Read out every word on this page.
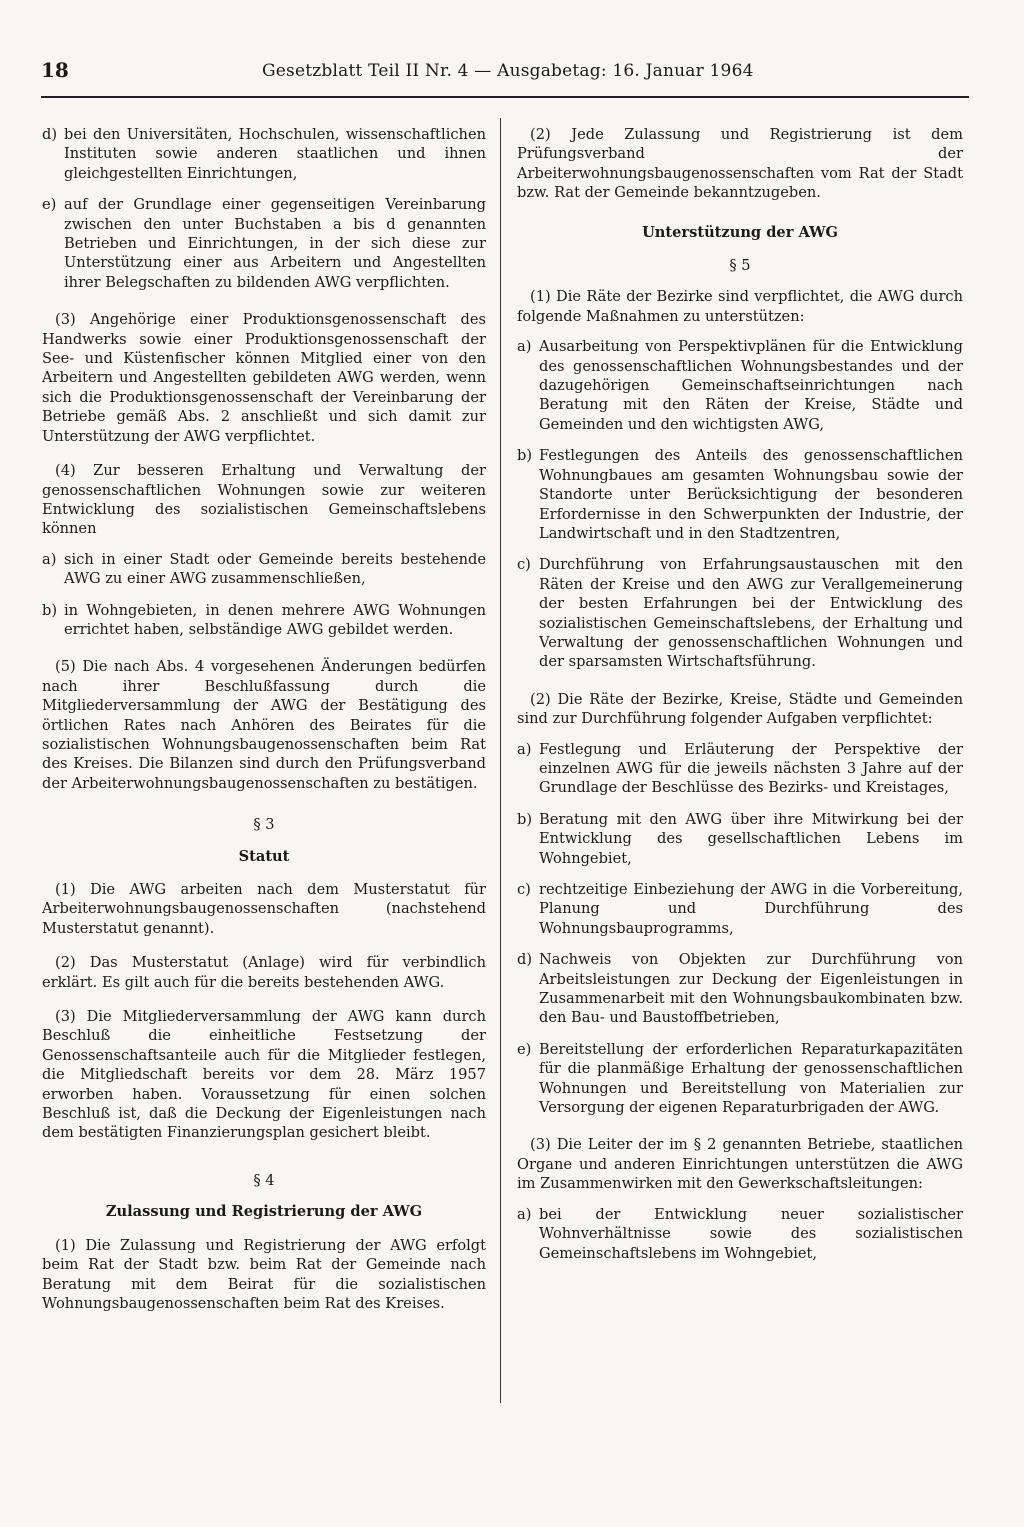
18	Gesetzblatt Teil II Nr. 4 — Ausgabetag: 16. Januar 1964
d) bei den Universitäten, Hochschulen, wissenschaftlichen Instituten sowie anderen staatlichen und ihnen gleichgestellten Einrichtungen,
e) auf der Grundlage einer gegenseitigen Vereinbarung zwischen den unter Buchstaben a bis d genannten Betrieben und Einrichtungen, in der sich diese zur Unterstützung einer aus Arbeitern und Angestellten ihrer Belegschaften zu bildenden AWG verpflichten.

(3) Angehörige einer Produktionsgenossenschaft des Handwerks sowie einer Produktionsgenossenschaft der See- und Küstenfischer können Mitglied einer von den Arbeitern und Angestellten gebildeten AWG werden, wenn sich die Produktionsgenossenschaft der Vereinbarung der Betriebe gemäß Abs. 2 anschließt und sich damit zur Unterstützung der AWG verpflichtet.

(4) Zur besseren Erhaltung und Verwaltung der genossenschaftlichen Wohnungen sowie zur weiteren Entwicklung des sozialistischen Gemeinschaftslebens können

a) sich in einer Stadt oder Gemeinde bereits bestehende AWG zu einer AWG zusammenschließen,
b) in Wohngebieten, in denen mehrere AWG Wohnungen errichtet haben, selbständige AWG gebildet werden.

(5) Die nach Abs. 4 vorgesehenen Änderungen bedürfen nach ihrer Beschlußfassung durch die Mitgliederversammlung der AWG der Bestätigung des örtlichen Rates nach Anhören des Beirates für die sozialistischen Wohnungsbaugenossenschaften beim Rat des Kreises. Die Bilanzen sind durch den Prüfungsverband der Arbeiterwohnungsbaugenossenschaften zu bestätigen.

§ 3
Statut

(1) Die AWG arbeiten nach dem Musterstatut für Arbeiterwohnungsbaugenossenschaften (nachstehend Musterstatut genannt).

(2) Das Musterstatut (Anlage) wird für verbindlich erklärt. Es gilt auch für die bereits bestehenden AWG.

(3) Die Mitgliederversammlung der AWG kann durch Beschluß die einheitliche Festsetzung der Genossenschaftsanteile auch für die Mitglieder festlegen, die Mitgliedschaft bereits vor dem 28. März 1957 erworben haben. Voraussetzung für einen solchen Beschluß ist, daß die Deckung der Eigenleistungen nach dem bestätigten Finanzierungsplan gesichert bleibt.

§ 4
Zulassung und Registrierung der AWG

(1) Die Zulassung und Registrierung der AWG erfolgt beim Rat der Stadt bzw. beim Rat der Gemeinde nach Beratung mit dem Beirat für die sozialistischen Wohnungsbaugenossenschaften beim Rat des Kreises.

(2) Jede Zulassung und Registrierung ist dem Prüfungsverband der Arbeiterwohnungsbaugenossenschaften vom Rat der Stadt bzw. Rat der Gemeinde bekanntzugeben.

Unterstützung der AWG
§ 5

(1) Die Räte der Bezirke sind verpflichtet, die AWG durch folgende Maßnahmen zu unterstützen:

a) Ausarbeitung von Perspektivplänen für die Entwicklung des genossenschaftlichen Wohnungsbestandes und der dazugehörigen Gemeinschaftseinrichtungen nach Beratung mit den Räten der Kreise, Städte und Gemeinden und den wichtigsten AWG,
b) Festlegungen des Anteils des genossenschaftlichen Wohnungbaues am gesamten Wohnungsbau sowie der Standorte unter Berücksichtigung der besonderen Erfordernisse in den Schwerpunkten der Industrie, der Landwirtschaft und in den Stadtzentren,
c) Durchführung von Erfahrungsaustauschen mit den Räten der Kreise und den AWG zur Verallgemeinerung der besten Erfahrungen bei der Entwicklung des sozialistischen Gemeinschaftslebens, der Erhaltung und Verwaltung der genossenschaftlichen Wohnungen und der sparsamsten Wirtschaftsführung.

(2) Die Räte der Bezirke, Kreise, Städte und Gemeinden sind zur Durchführung folgender Aufgaben verpflichtet:

a) Festlegung und Erläuterung der Perspektive der einzelnen AWG für die jeweils nächsten 3 Jahre auf der Grundlage der Beschlüsse des Bezirks- und Kreistages,
b) Beratung mit den AWG über ihre Mitwirkung bei der Entwicklung des gesellschaftlichen Lebens im Wohngebiet,
c) rechtzeitige Einbeziehung der AWG in die Vorbereitung, Planung und Durchführung des Wohnungsbauprogramms,
d) Nachweis von Objekten zur Durchführung von Arbeitsleistungen zur Deckung der Eigenleistungen in Zusammenarbeit mit den Wohnungsbaukombinaten bzw. den Bau- und Baustoffbetrieben,
e) Bereitstellung der erforderlichen Reparaturkapazitäten für die planmäßige Erhaltung der genossenschaftlichen Wohnungen und Bereitstellung von Materialien zur Versorgung der eigenen Reparaturbrigaden der AWG.

(3) Die Leiter der im § 2 genannten Betriebe, staatlichen Organe und anderen Einrichtungen unterstützen die AWG im Zusammenwirken mit den Gewerkschaftsleitungen:

a) bei der Entwicklung neuer sozialistischer Wohnverhältnisse sowie des sozialistischen Gemeinschaftslebens im Wohngebiet,
